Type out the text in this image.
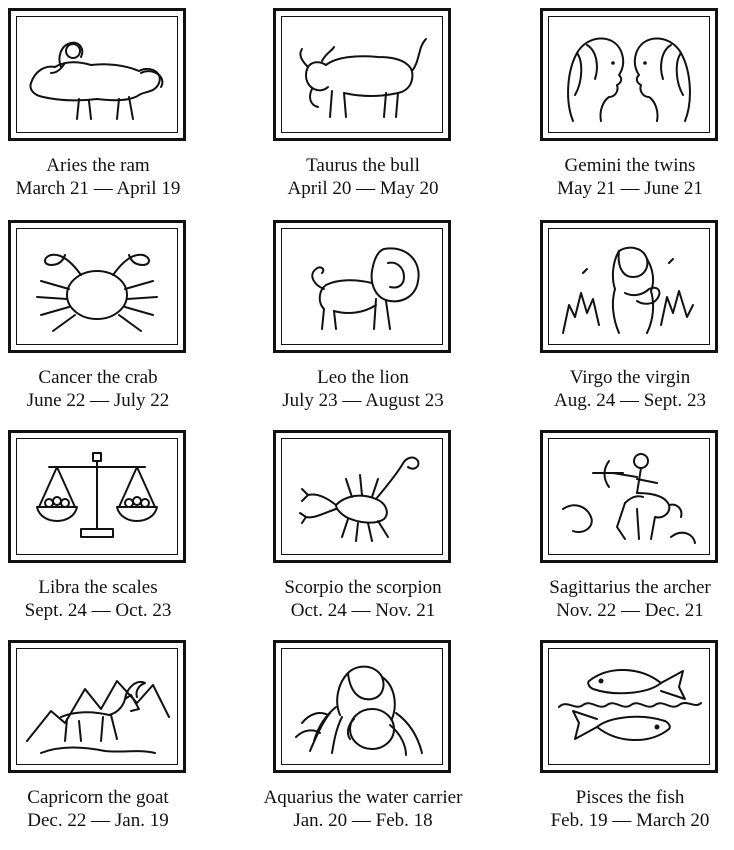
Aries the ram
March 21 — April 19
Taurus the bull
April 20 — May 20
Gemini the twins
May 21 — June 21
Cancer the crab
June 22 — July 22
Leo the lion
July 23 — August 23
Virgo the virgin
Aug. 24 — Sept. 23
Libra the scales
Sept. 24 — Oct. 23
Scorpio the scorpion
Oct. 24 — Nov. 21
Sagittarius the archer
Nov. 22 — Dec. 21
Capricorn the goat
Dec. 22 — Jan. 19
Aquarius the water carrier
Jan. 20 — Feb. 18
Pisces the fish
Feb. 19 — March 20
